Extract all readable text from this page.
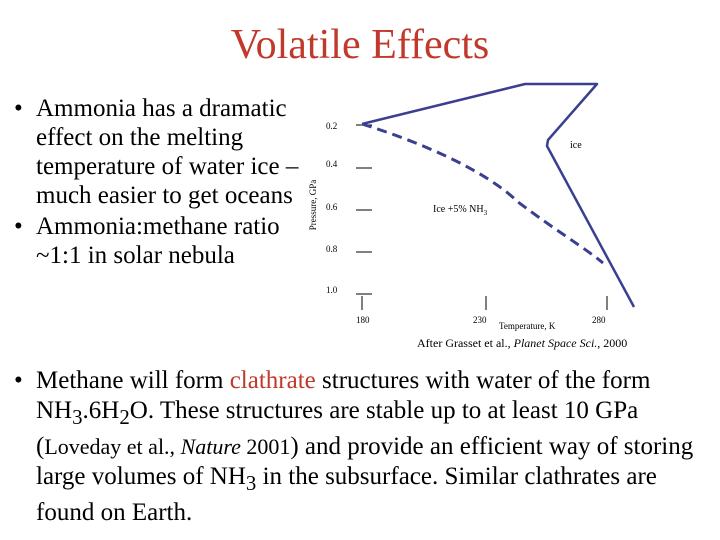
Volatile Effects
• Ammonia has a dramatic effect on the melting temperature of water ice – much easier to get oceans
• Ammonia:methane ratio ~1:1 in solar nebula
Pressure, GPa
0.2
0.4
0.6
0.8
1.0
180	230	280
Temperature, K
ice
Ice +5% $NH_3$
After Grasset et al., Planet Space Sci., 2000
• Methane will form clathrate structures with water of the form $NH_3.6H_2O$. These structures are stable up to at least 10 GPa (Loveday et al., Nature 2001) and provide an efficient way of storing large volumes of $NH_3$ in the subsurface. Similar clathrates are found on Earth.
